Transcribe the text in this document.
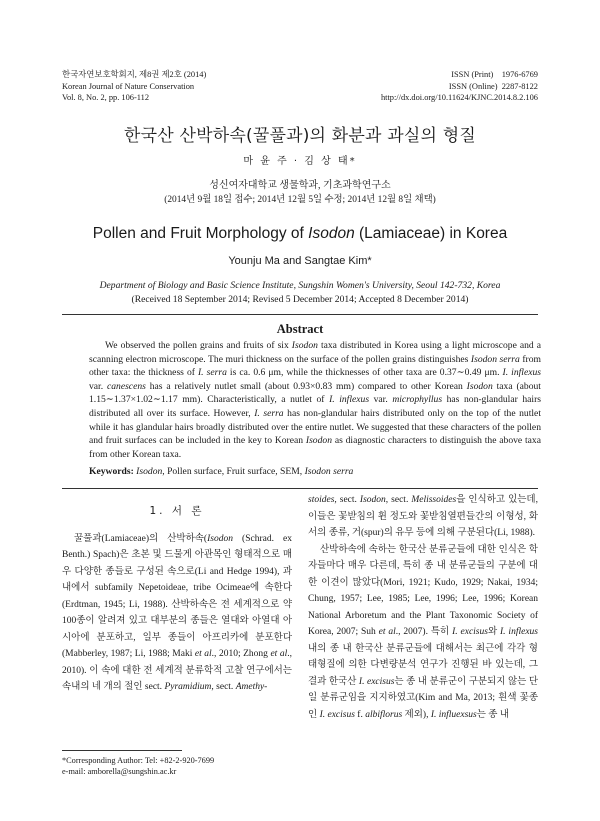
한국자연보호학회지, 제8권 제2호 (2014)
Korean Journal of Nature Conservation
Vol. 8, No. 2, pp. 106-112
ISSN (Print)    1976-6769
ISSN (Online)  2287-8122
http://dx.doi.org/10.11624/KJNC.2014.8.2.106
한국산 산박하속(꿀풀과)의 화분과 과실의 형질
마 윤 주 · 김 상 태*
성신여자대학교 생물학과, 기초과학연구소
(2014년 9월 18일 접수; 2014년 12월 5일 수정; 2014년 12월 8일 채택)
Pollen and Fruit Morphology of Isodon (Lamiaceae) in Korea
Younju Ma and Sangtae Kim*
Department of Biology and Basic Science Institute, Sungshin Women's University, Seoul 142-732, Korea
(Received 18 September 2014; Revised 5 December 2014; Accepted 8 December 2014)
Abstract

We observed the pollen grains and fruits of six Isodon taxa distributed in Korea using a light microscope and a scanning electron microscope. The muri thickness on the surface of the pollen grains distinguishes Isodon serra from other taxa: the thickness of I. serra is ca. 0.6 μm, while the thicknesses of other taxa are 0.37∼0.49 μm. I. inflexus var. canescens has a relatively nutlet small (about 0.93×0.83 mm) compared to other Korean Isodon taxa (about 1.15∼1.37×1.02∼1.17 mm). Characteristically, a nutlet of I. inflexus var. microphyllus has non-glandular hairs distributed all over its surface. However, I. serra has non-glandular hairs distributed only on the top of the nutlet while it has glandular hairs broadly distributed over the entire nutlet. We suggested that these characters of the pollen and fruit surfaces can be included in the key to Korean Isodon as diagnostic characters to distinguish the above taxa from other Korean taxa.

Keywords: Isodon, Pollen surface, Fruit surface, SEM, Isodon serra

1. 서 론

꿀풀과(Lamiaceae)의 산박하속(Isodon (Schrad. ex Benth.) Spach)은 초본 및 드물게 아관목인 형태적으로 매우 다양한 종들로 구성된 속으로(Li and Hedge 1994), 과 내에서 subfamily Nepetoideae, tribe Ocimeae에 속한다(Erdtman, 1945; Li, 1988). 산박하속은 전 세계적으로 약 100종이 알려져 있고 대부분의 종들은 열대와 아열대 아시아에 분포하고, 일부 종들이 아프리카에 분포한다(Mabberley, 1987; Li, 1988; Maki et al., 2010; Zhong et al., 2010). 이 속에 대한 전 세계적 분류학적 고찰 연구에서는 속내의 네 개의 절인 sect. Pyramidium, sect. Amethy-

stoides, sect. Isodon, sect. Melissoides을 인식하고 있는데, 이들은 꽃받침의 휜 정도와 꽃받침열편들간의 이형성, 화서의 종류, 거(spur)의 유무 등에 의해 구분된다(Li, 1988).

산박하속에 속하는 한국산 분류군들에 대한 인식은 학자들마다 매우 다른데, 특히 종 내 분류군들의 구분에 대한 이견이 많았다(Mori, 1921; Kudo, 1929; Nakai, 1934; Chung, 1957; Lee, 1985; Lee, 1996; Lee, 1996; Korean National Arboretum and the Plant Taxonomic Society of Korea, 2007; Suh et al., 2007). 특히 I. excisus와 I. inflexus 내의 종 내 한국산 분류군들에 대해서는 최근에 각각 형태형질에 의한 다변량분석 연구가 진행된 바 있는데, 그 결과 한국산 I. excisus는 종 내 분류군이 구분되지 않는 단일 분류군임을 지지하였고(Kim and Ma, 2013; 흰색 꽃종인 I. excisus f. albiflorus 제외), I. influexsus는 종 내

*Corresponding Author: Tel: +82-2-920-7699
e-mail: amborella@sungshin.ac.kr
